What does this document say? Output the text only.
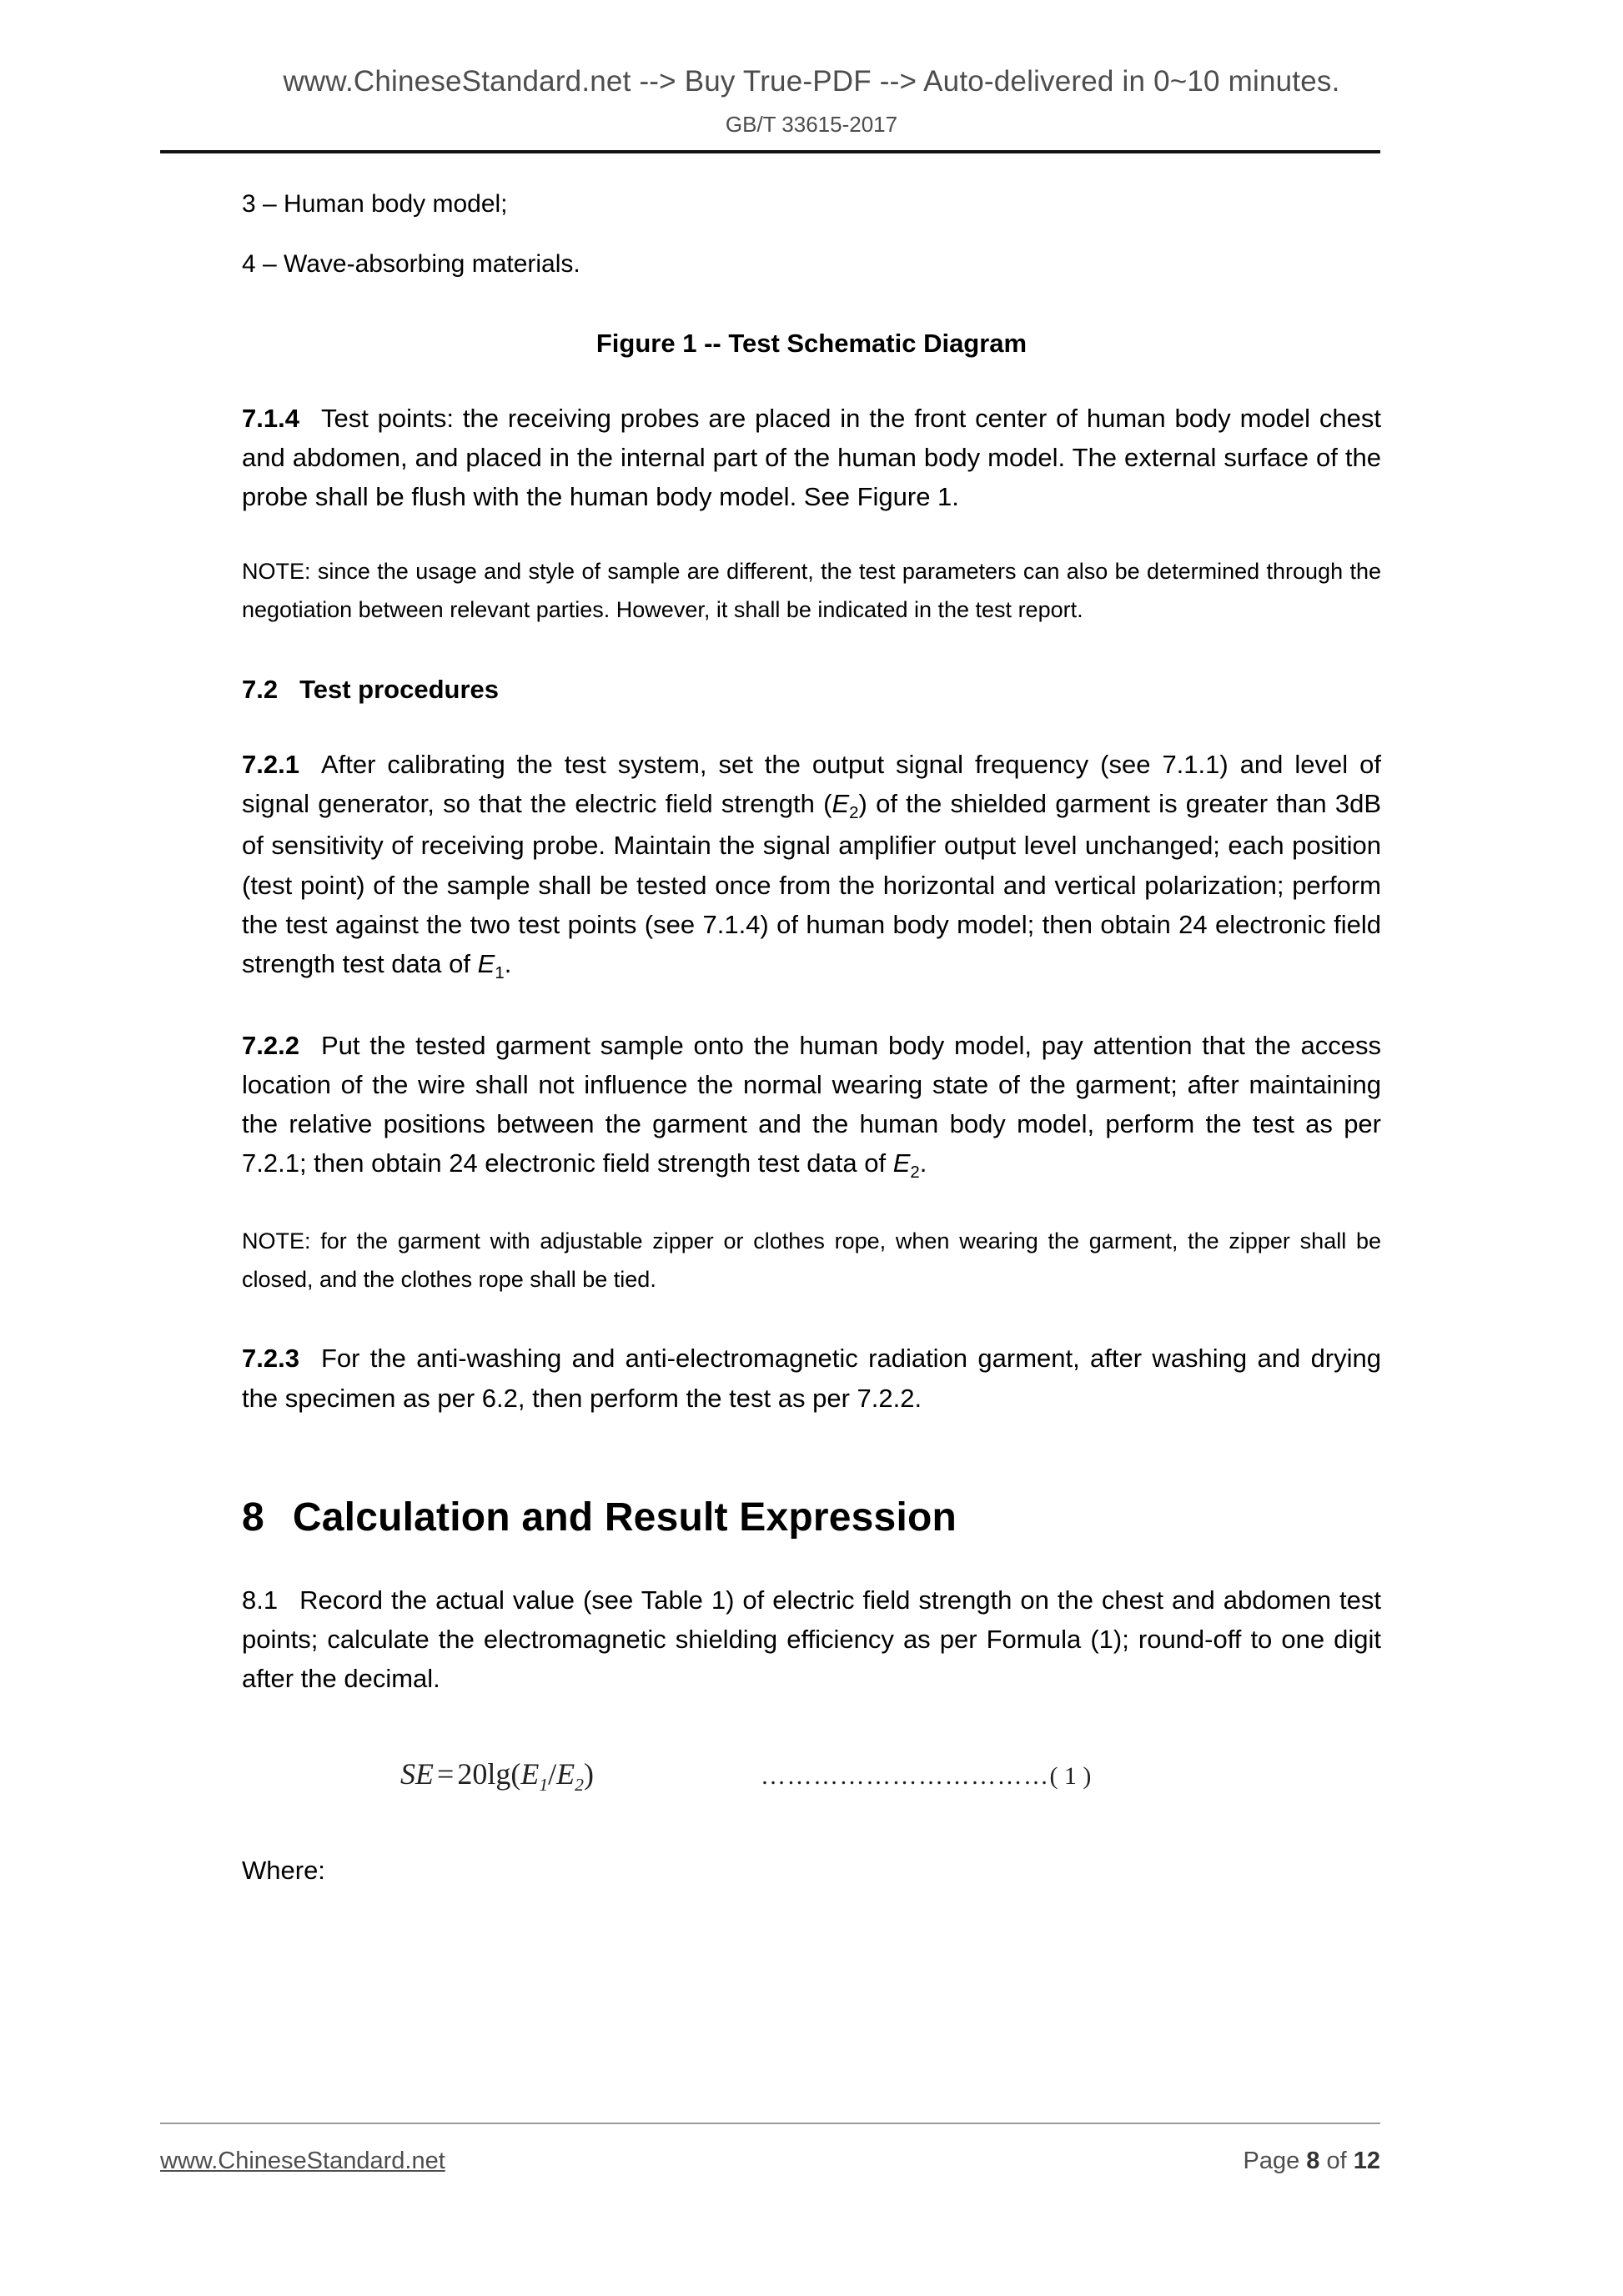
www.ChineseStandard.net --> Buy True-PDF --> Auto-delivered in 0~10 minutes.
GB/T 33615-2017

3 – Human body model;

4 – Wave-absorbing materials.

Figure 1 -- Test Schematic Diagram

7.1.4 Test points: the receiving probes are placed in the front center of human body model chest and abdomen, and placed in the internal part of the human body model. The external surface of the probe shall be flush with the human body model. See Figure 1.

NOTE: since the usage and style of sample are different, the test parameters can also be determined through the negotiation between relevant parties. However, it shall be indicated in the test report.

7.2 Test procedures

7.2.1 After calibrating the test system, set the output signal frequency (see 7.1.1) and level of signal generator, so that the electric field strength $(E_2)$ of the shielded garment is greater than 3dB of sensitivity of receiving probe. Maintain the signal amplifier output level unchanged; each position (test point) of the sample shall be tested once from the horizontal and vertical polarization; perform the test against the two test points (see 7.1.4) of human body model; then obtain 24 electronic field strength test data of $E_1$.

7.2.2 Put the tested garment sample onto the human body model, pay attention that the access location of the wire shall not influence the normal wearing state of the garment; after maintaining the relative positions between the garment and the human body model, perform the test as per 7.2.1; then obtain 24 electronic field strength test data of $E_2$.

NOTE: for the garment with adjustable zipper or clothes rope, when wearing the garment, the zipper shall be closed, and the clothes rope shall be tied.

7.2.3 For the anti-washing and anti-electromagnetic radiation garment, after washing and drying the specimen as per 6.2, then perform the test as per 7.2.2.

8 Calculation and Result Expression

8.1 Record the actual value (see Table 1) of electric field strength on the chest and abdomen test points; calculate the electromagnetic shielding efficiency as per Formula (1); round-off to one digit after the decimal.

SE = $20\lg(E_1/E_2)$	…………………………… ( 1 )

Where:

www.ChineseStandard.net	Page 8 of 12
